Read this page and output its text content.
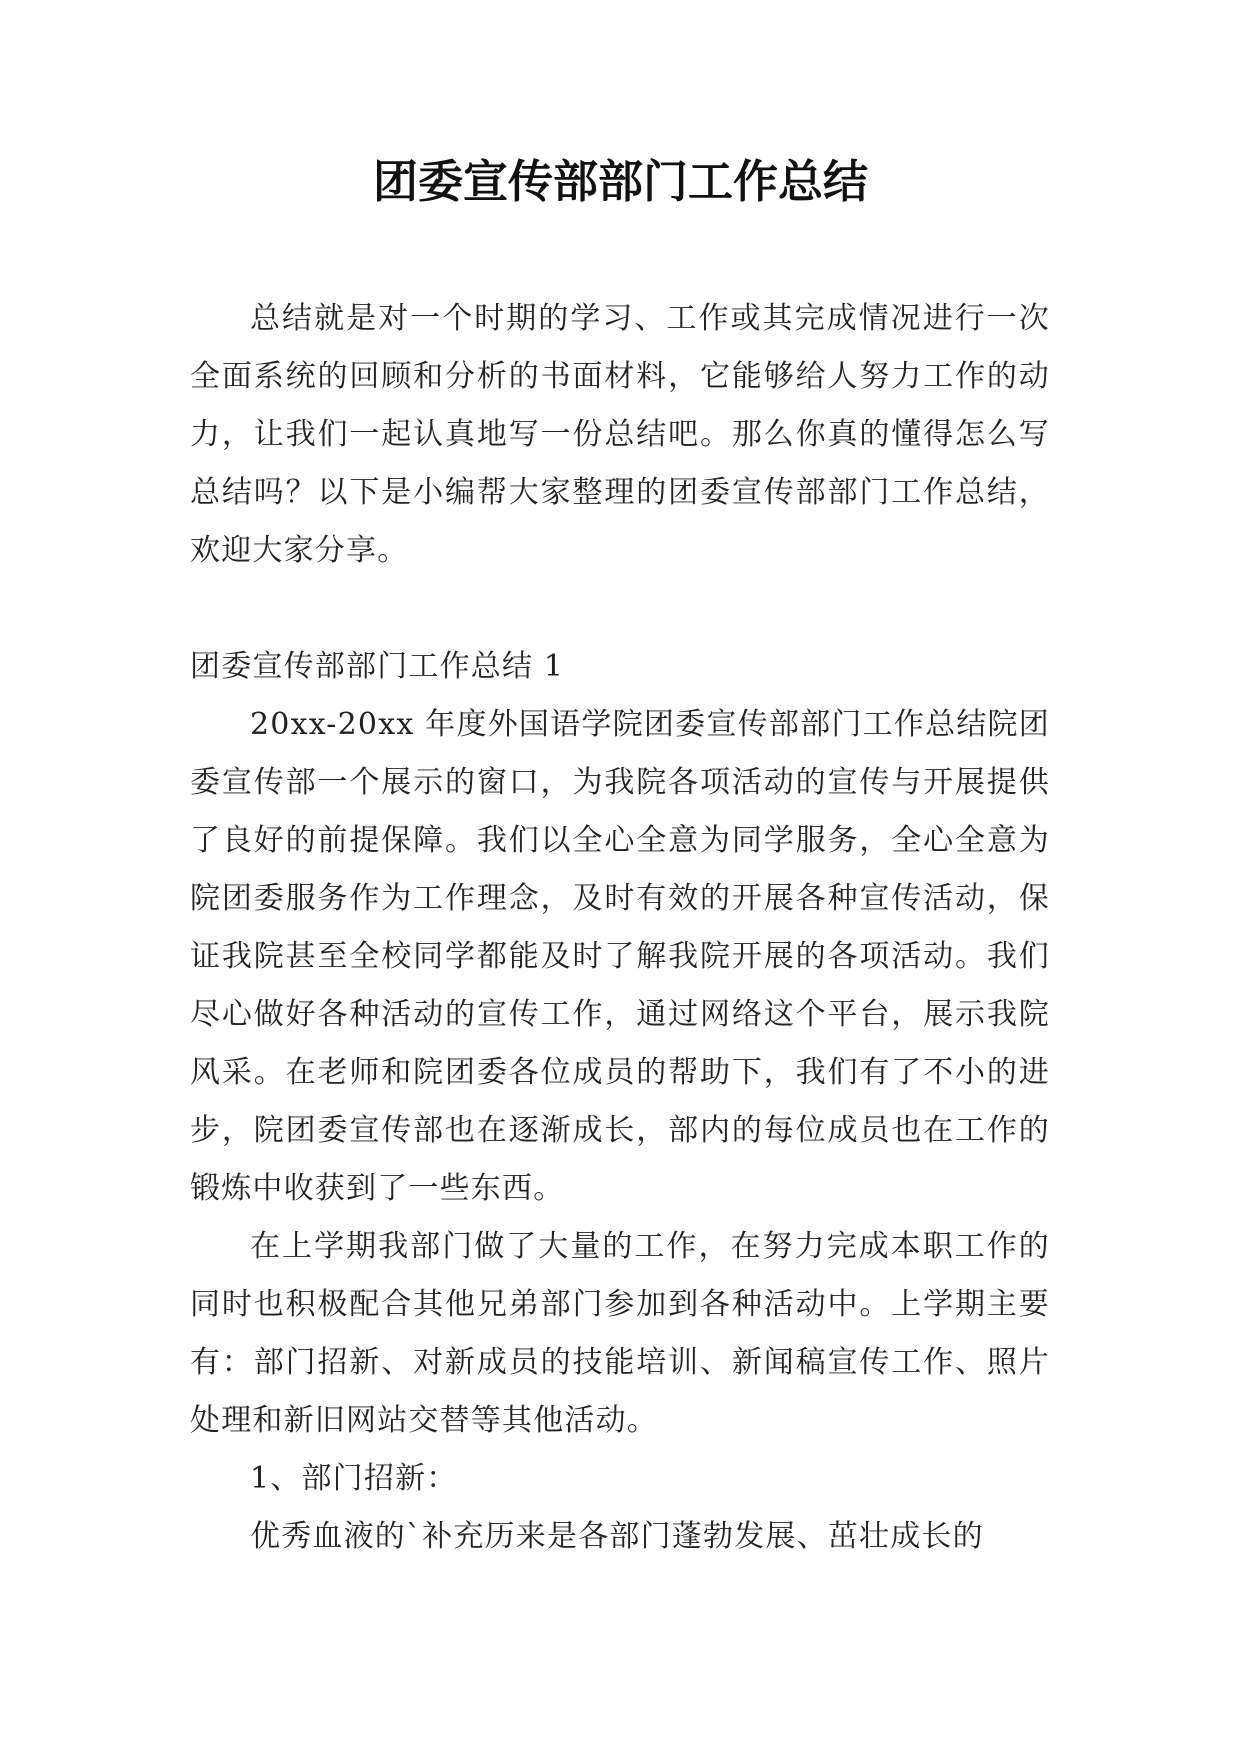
团委宣传部部门工作总结

总结就是对一个时期的学习、工作或其完成情况进行一次全面系统的回顾和分析的书面材料，它能够给人努力工作的动力，让我们一起认真地写一份总结吧。那么你真的懂得怎么写总结吗？以下是小编帮大家整理的团委宣传部部门工作总结，欢迎大家分享。

团委宣传部部门工作总结 1

20xx-20xx 年度外国语学院团委宣传部部门工作总结院团委宣传部一个展示的窗口，为我院各项活动的宣传与开展提供了良好的前提保障。我们以全心全意为同学服务，全心全意为院团委服务作为工作理念，及时有效的开展各种宣传活动，保证我院甚至全校同学都能及时了解我院开展的各项活动。我们尽心做好各种活动的宣传工作，通过网络这个平台，展示我院风采。在老师和院团委各位成员的帮助下，我们有了不小的进步，院团委宣传部也在逐渐成长，部内的每位成员也在工作的锻炼中收获到了一些东西。

在上学期我部门做了大量的工作，在努力完成本职工作的同时也积极配合其他兄弟部门参加到各种活动中。上学期主要有：部门招新、对新成员的技能培训、新闻稿宣传工作、照片处理和新旧网站交替等其他活动。

1、部门招新：

优秀血液的`补充历来是各部门蓬勃发展、茁壮成长的
